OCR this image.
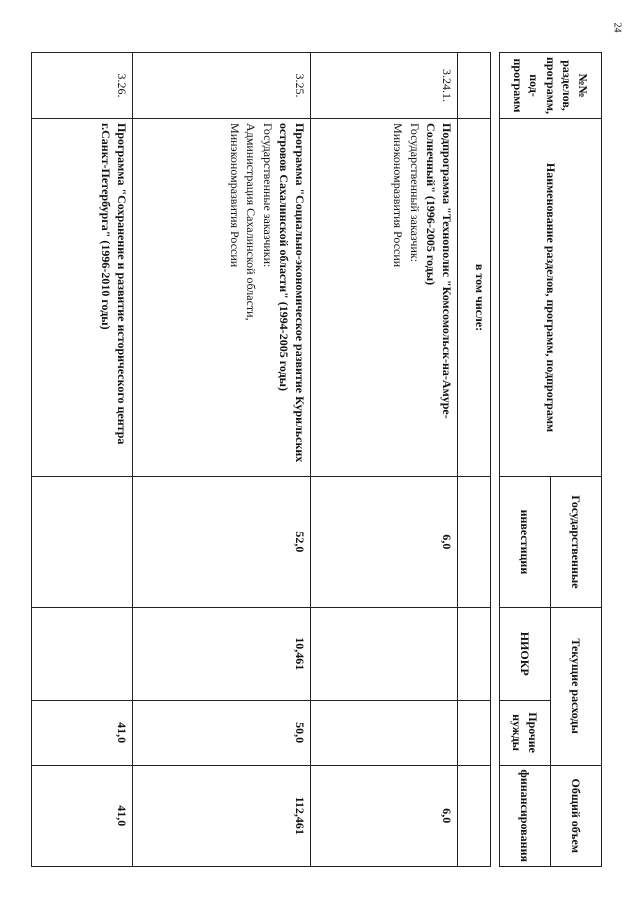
24
№№ разделов, программ, под-программ	Наименование разделов, программ, подпрограмм	Государственные	Текущие расходы		Общий объем
		инвестиции	НИОКР	Прочие нужды	финансирования

	в том числе:				
3.24.1.	Подпрограмма "Технополис "Комсомольск-на-Амуре-Солнечный" (1996-2005 годы)
Государственный заказчик:
Минэкономразвития России	6,0			6,0
3.25.	Программа "Социально-экономическое развитие Курильских островов Сахалинской области" (1994-2005 годы)
Государственные заказчики:
Администрация Сахалинской области,
Минэкономразвития России	52,0	10,461	50,0	112,461
3.26.	Программа "Сохранение и развитие исторического центра г.Санкт-Петербурга" (1996-2010 годы)			41,0	41,0
